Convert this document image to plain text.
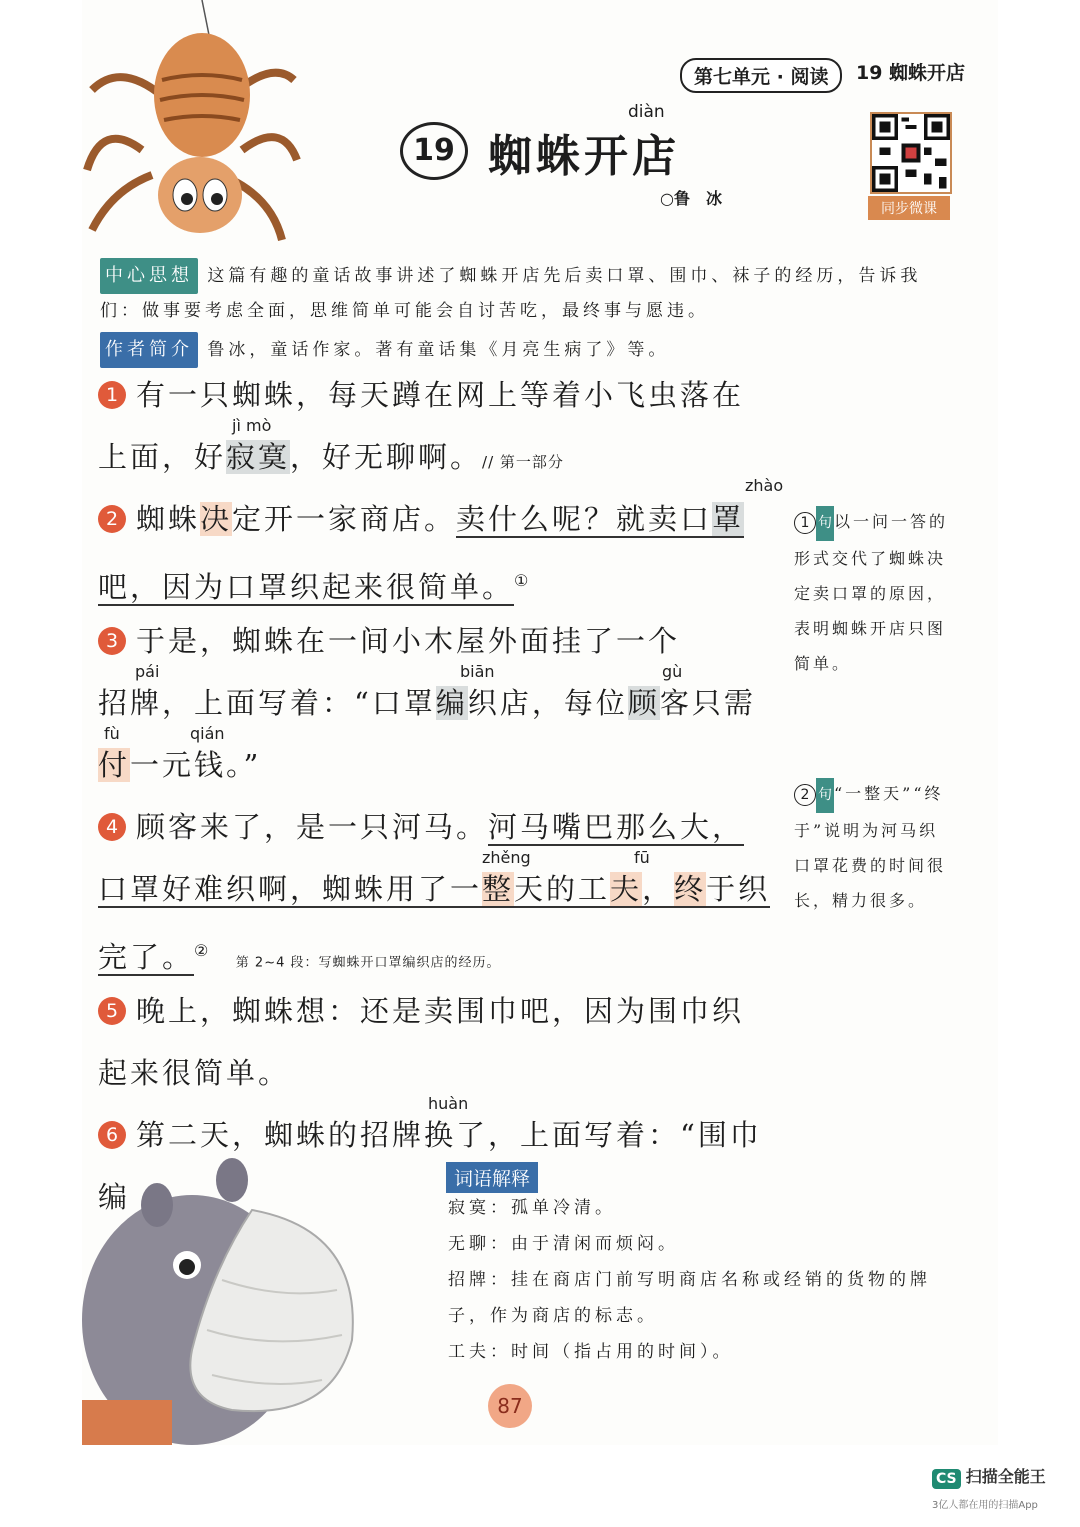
第七单元 · 阅读	19 蜘蛛开店
19
diàn
蜘蛛开店
○鲁　冰
同步微课
中心思想 这篇有趣的童话故事讲述了蜘蛛开店先后卖口罩、围巾、袜子的经历，告诉我们：做事要考虑全面，思维简单可能会自讨苦吃，最终事与愿违。
作者简介 鲁冰，童话作家。著有童话集《月亮生病了》等。
1 有一只蜘蛛，每天蹲在网上等着小飞虫落在
上面，好寂寞，好无聊啊。// 第一部分
jì mò
zhào
2 蜘蛛决定开一家商店。卖什么呢？就卖口罩
吧，因为口罩织起来很简单。①
3 于是，蜘蛛在一间小木屋外面挂了一个
招牌，上面写着：“口罩编织店，每位顾客只需
付一元钱。”
pái	biān	gù
fù	qián
zhěng	fū
4 顾客来了，是一只河马。河马嘴巴那么大，
口罩好难织啊，蜘蛛用了一整天的工夫，终于织
完了。②  第 2~4 段：写蜘蛛开口罩编织店的经历。
5 晚上，蜘蛛想：还是卖围巾吧，因为围巾织
起来很简单。
huàn
6 第二天，蜘蛛的招牌换了，上面写着：“围巾编
1 句 以一问一答的形式交代了蜘蛛决定卖口罩的原因，表明蜘蛛开店只图简单。
2 句 “一整天”“终于”说明为河马织口罩花费的时间很长，精力很多。
词语解释
寂寞：孤单冷清。
无聊：由于清闲而烦闷。
招牌：挂在商店门前写明商店名称或经销的货物的牌子，作为商店的标志。
工夫：时间（指占用的时间）。
87
CS 扫描全能王
3亿人都在用的扫描App
